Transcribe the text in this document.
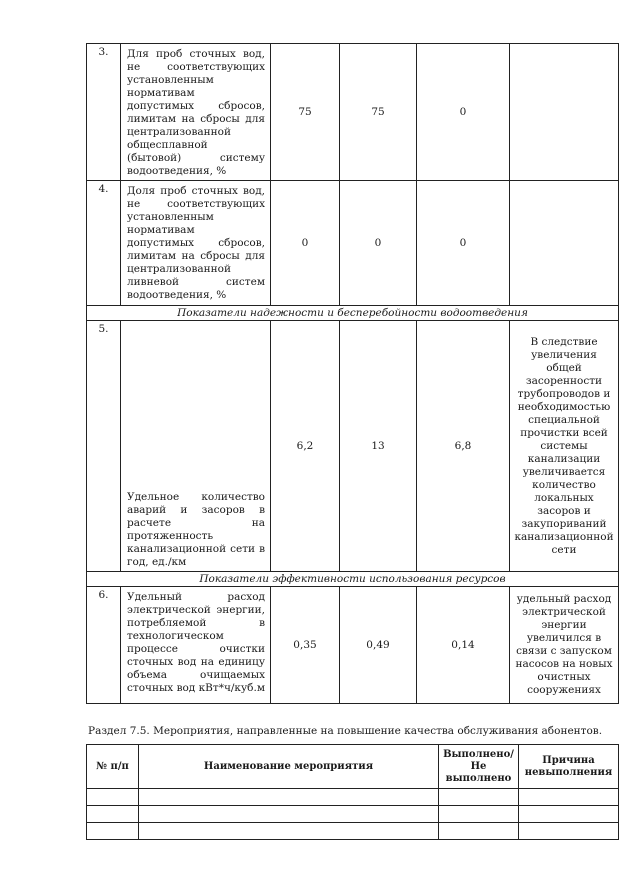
3.	Для проб сточных вод, не соответствующих установленным нормативам допустимых сбросов, лимитам на сбросы для централизованной общесплавной (бытовой) систему водоотведения, %	75	75	0	
4.	Доля проб сточных вод, не соответствующих установленным нормативам допустимых сбросов, лимитам на сбросы для централизованной ливневой систем водоотведения, %	0	0	0	
Показатели надежности и бесперебойности водоотведения					
5.	Удельное количество аварий и засоров в расчете на протяженность канализационной сети в год, ед./км	6,2	13	6,8	В следствие увеличения общей засоренности трубопроводов и необходимостью специальной прочистки всей системы канализации увеличивается количество локальных засоров и закупориваний канализационной сети
Показатели эффективности использования ресурсов					
6.	Удельный расход электрической энергии, потребляемой в технологическом процессе очистки сточных вод на единицу объема очищаемых сточных вод кВт*ч/куб.м	0,35	0,49	0,14	удельный расход электрической энергии увеличился в связи с запуском насосов на новых очистных сооружениях
Раздел 7.5. Мероприятия, направленные на повышение качества обслуживания абонентов.
№ п/п	Наименование мероприятия	Выполнено/ Не выполнено	Причина невыполнения
